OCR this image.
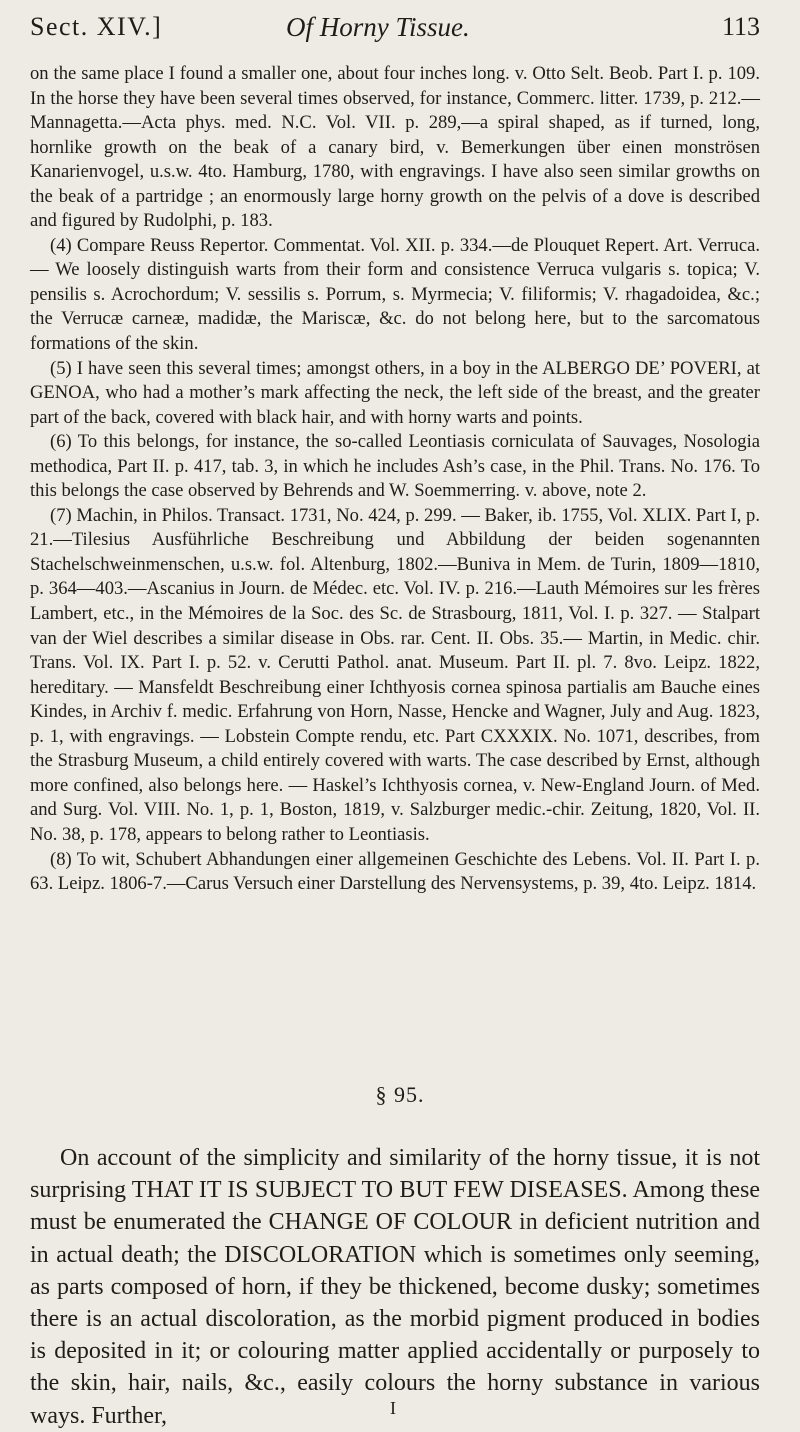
Sect. XIV.]	Of Horny Tissue.	113

on the same place I found a smaller one, about four inches long. v. Otto Selt. Beob. Part I. p. 109. In the horse they have been several times observed, for instance, Commerc. litter. 1739, p. 212.—Mannagetta.—Acta phys. med. N.C. Vol. VII. p. 289,—a spiral shaped, as if turned, long, hornlike growth on the beak of a canary bird, v. Bemerkungen über einen monströsen Kanarienvogel, u.s.w. 4to. Hamburg, 1780, with engravings. I have also seen similar growths on the beak of a partridge ; an enormously large horny growth on the pelvis of a dove is described and figured by Rudolphi, p. 183.

(4) Compare Reuss Repertor. Commentat. Vol. XII. p. 334.—de Plouquet Repert. Art. Verruca. — We loosely distinguish warts from their form and consistence Verruca vulgaris s. topica; V. pensilis s. Acrochordum; V. sessilis s. Porrum, s. Myrmecia; V. filiformis; V. rhagadoidea, &c.; the Verrucæ carneæ, madidæ, the Mariscæ, &c. do not belong here, but to the sarcomatous formations of the skin.

(5) I have seen this several times; amongst others, in a boy in the ALBERGO DE’ POVERI, at GENOA, who had a mother’s mark affecting the neck, the left side of the breast, and the greater part of the back, covered with black hair, and with horny warts and points.

(6) To this belongs, for instance, the so-called Leontiasis corniculata of Sauvages, Nosologia methodica, Part II. p. 417, tab. 3, in which he includes Ash’s case, in the Phil. Trans. No. 176. To this belongs the case observed by Behrends and W. Soemmerring. v. above, note 2.

(7) Machin, in Philos. Transact. 1731, No. 424, p. 299. — Baker, ib. 1755, Vol. XLIX. Part I, p. 21.—Tilesius Ausführliche Beschreibung und Abbildung der beiden sogenannten Stachelschweinmenschen, u.s.w. fol. Altenburg, 1802.—Buniva in Mem. de Turin, 1809—1810, p. 364—403.—Ascanius in Journ. de Médec. etc. Vol. IV. p. 216.—Lauth Mémoires sur les frères Lambert, etc., in the Mémoires de la Soc. des Sc. de Strasbourg, 1811, Vol. I. p. 327. — Stalpart van der Wiel describes a similar disease in Obs. rar. Cent. II. Obs. 35.— Martin, in Medic. chir. Trans. Vol. IX. Part I. p. 52. v. Cerutti Pathol. anat. Museum. Part II. pl. 7. 8vo. Leipz. 1822, hereditary. — Mansfeldt Beschreibung einer Ichthyosis cornea spinosa partialis am Bauche eines Kindes, in Archiv f. medic. Erfahrung von Horn, Nasse, Hencke and Wagner, July and Aug. 1823, p. 1, with engravings. — Lobstein Compte rendu, etc. Part CXXXIX. No. 1071, describes, from the Strasburg Museum, a child entirely covered with warts. The case described by Ernst, although more confined, also belongs here. — Haskel’s Ichthyosis cornea, v. New-England Journ. of Med. and Surg. Vol. VIII. No. 1, p. 1, Boston, 1819, v. Salzburger medic.-chir. Zeitung, 1820, Vol. II. No. 38, p. 178, appears to belong rather to Leontiasis.

(8) To wit, Schubert Abhandungen einer allgemeinen Geschichte des Lebens. Vol. II. Part I. p. 63. Leipz. 1806-7.—Carus Versuch einer Darstellung des Nervensystems, p. 39, 4to. Leipz. 1814.

§ 95.

On account of the simplicity and similarity of the horny tissue, it is not surprising THAT IT IS SUBJECT TO BUT FEW DISEASES. Among these must be enumerated the CHANGE OF COLOUR in deficient nutrition and in actual death; the DISCOLORATION which is sometimes only seeming, as parts composed of horn, if they be thickened, become dusky; sometimes there is an actual discoloration, as the morbid pigment produced in bodies is deposited in it; or colouring matter applied accidentally or purposely to the skin, hair, nails, &c., easily colours the horny substance in various ways. Further,	I
